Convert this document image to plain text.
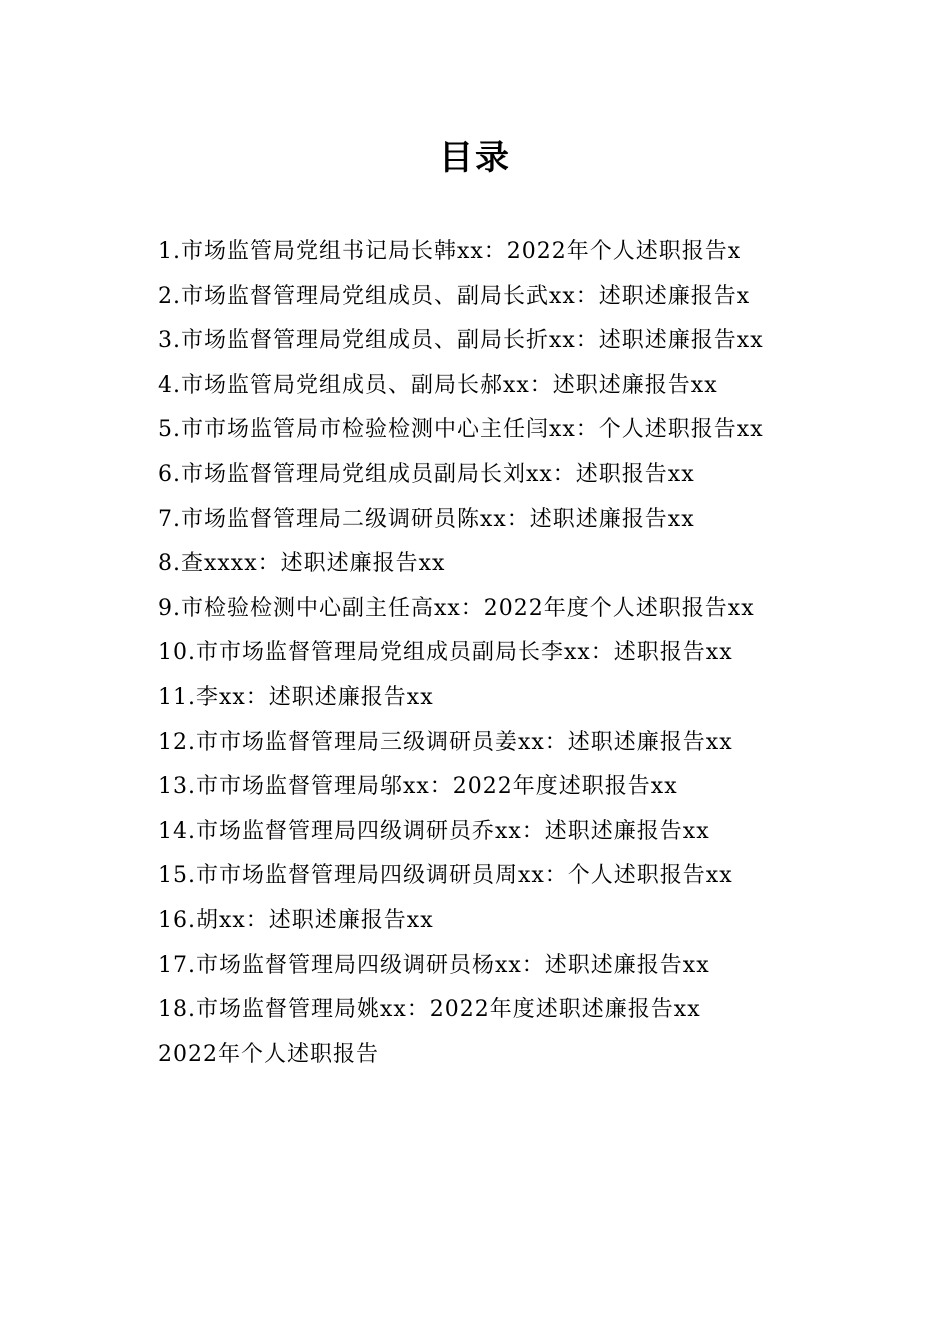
目录
1.市场监管局党组书记局长韩xx：2022年个人述职报告x
2.市场监督管理局党组成员、副局长武xx：述职述廉报告x
3.市场监督管理局党组成员、副局长折xx：述职述廉报告xx
4.市场监管局党组成员、副局长郝xx：述职述廉报告xx
5.市市场监管局市检验检测中心主任闫xx：个人述职报告xx
6.市场监督管理局党组成员副局长刘xx：述职报告xx
7.市场监督管理局二级调研员陈xx：述职述廉报告xx
8.查xxxx：述职述廉报告xx
9.市检验检测中心副主任高xx：2022年度个人述职报告xx
10.市市场监督管理局党组成员副局长李xx：述职报告xx
11.李xx：述职述廉报告xx
12.市市场监督管理局三级调研员姜xx：述职述廉报告xx
13.市市场监督管理局邬xx：2022年度述职报告xx
14.市场监督管理局四级调研员乔xx：述职述廉报告xx
15.市市场监督管理局四级调研员周xx：个人述职报告xx
16.胡xx：述职述廉报告xx
17.市场监督管理局四级调研员杨xx：述职述廉报告xx
18.市场监督管理局姚xx：2022年度述职述廉报告xx
2022年个人述职报告
